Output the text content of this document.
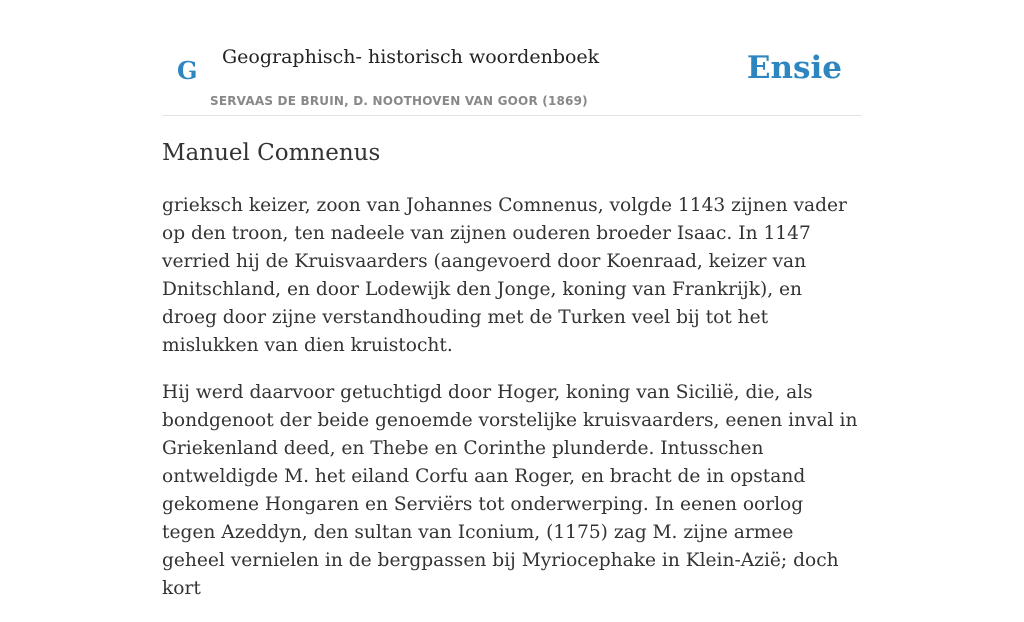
G Geographisch- historisch woordenboek
SERVAAS DE BRUIN, D. NOOTHOVEN VAN GOOR (1869)
Ensie
Manuel Comnenus

grieksch keizer, zoon van Johannes Comnenus, volgde 1143 zijnen vader op den troon, ten nadeele van zijnen ouderen broeder Isaac. In 1147 verried hij de Kruisvaarders (aangevoerd door Koenraad, keizer van Dnitschland, en door Lodewijk den Jonge, koning van Frankrijk), en droeg door zijne verstandhouding met de Turken veel bij tot het mislukken van dien kruistocht.

Hij werd daarvoor getuchtigd door Hoger, koning van Sicilië, die, als bondgenoot der beide genoemde vorstelijke kruisvaarders, eenen inval in Griekenland deed, en Thebe en Corinthe plunderde. Intusschen ontweldigde M. het eiland Corfu aan Roger, en bracht de in opstand gekomene Hongaren en Serviërs tot onderwerping. In eenen oorlog tegen Azeddyn, den sultan van Iconium, (1175) zag M. zijne armee geheel vernielen in de bergpassen bij Myriocephake in Klein-Azië; doch kort
